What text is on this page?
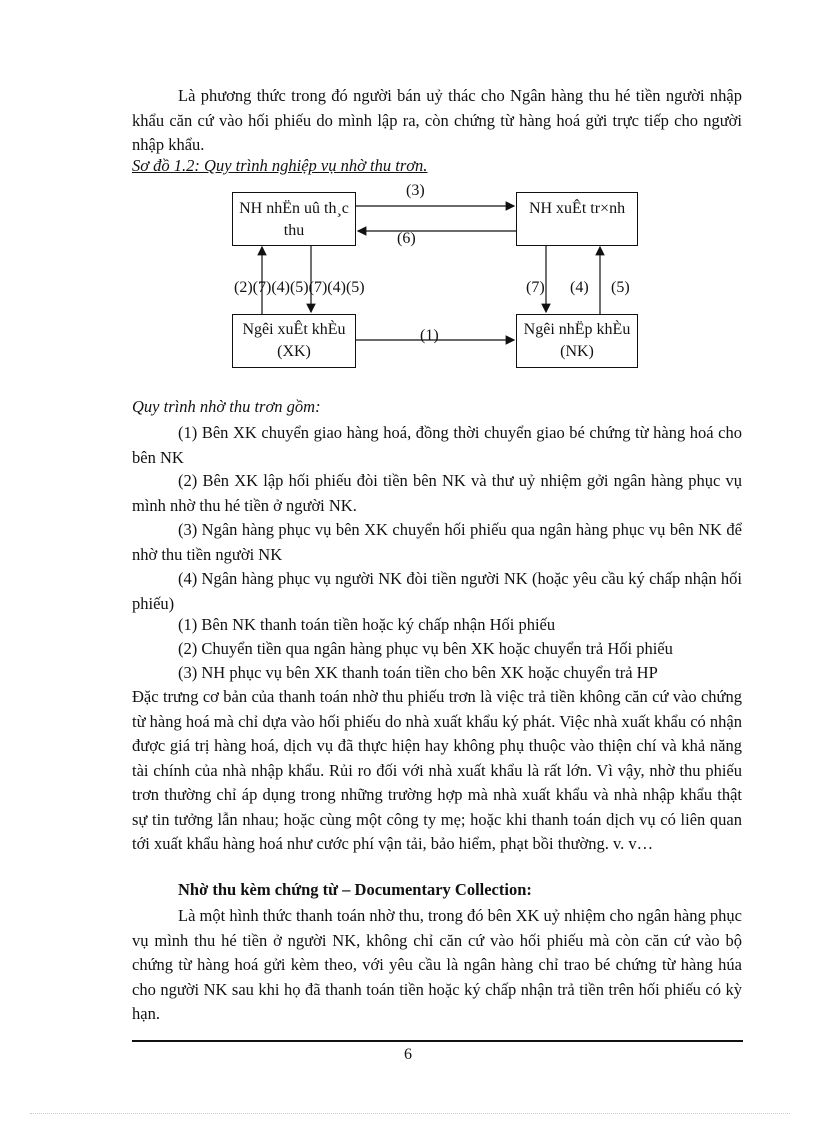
Là phương thức trong đó người bán uỷ thác cho Ngân hàng thu hé tiền người nhập khẩu căn cứ vào hối phiếu do mình lập ra, còn chứng từ hàng hoá gửi trực tiếp cho người nhập khẩu.

Sơ đồ 1.2: Quy trình nghiệp vụ nhờ thu trơn.

NH nhËn uû th¸c thu
NH xuÊt tr×nh
Ngêi xuÊt khÈu (XK)
Ngêi nhËp khÈu (NK)
(3)
(6)
(1)
(2)(7)(4)(5)(7)(4)(5)	(7) (4) (5)

Quy trình nhờ thu trơn gồm:

(1) Bên XK chuyển giao hàng hoá, đồng thời chuyển giao bé chứng từ hàng hoá cho bên NK

(2) Bên XK lập hối phiếu đòi tiền bên NK và thư uỷ nhiệm gởi ngân hàng phục vụ mình nhờ thu hé tiền ở người NK.

(3) Ngân hàng phục vụ bên XK chuyển hối phiếu qua ngân hàng phục vụ bên NK để nhờ thu tiền người NK

(4) Ngân hàng phục vụ người NK đòi tiền người NK (hoặc yêu cầu ký chấp nhận hối phiếu)

(1) Bên NK thanh toán tiền hoặc ký chấp nhận Hối phiếu

(2) Chuyển tiền qua ngân hàng phục vụ bên XK hoặc chuyển trả Hối phiếu

(3) NH phục vụ bên XK thanh toán tiền cho bên XK hoặc chuyển trả HP

Đặc trưng cơ bản của thanh toán nhờ thu phiếu trơn là việc trả tiền không căn cứ vào chứng từ hàng hoá mà chỉ dựa vào hối phiếu do nhà xuất khẩu ký phát. Việc nhà xuất khẩu có nhận được giá trị hàng hoá, dịch vụ đã thực hiện hay không phụ thuộc vào thiện chí và khả năng tài chính của nhà nhập khẩu. Rủi ro đối với nhà xuất khẩu là rất lớn. Vì vậy, nhờ thu phiếu trơn thường chỉ áp dụng trong những trường hợp mà nhà xuất khẩu và nhà nhập khẩu thật sự tin tưởng lẫn nhau; hoặc cùng một công ty mẹ; hoặc khi thanh toán dịch vụ có liên quan tới xuất khẩu hàng hoá như cước phí vận tải, bảo hiểm, phạt bồi thường. v. v…

Nhờ thu kèm chứng từ – Documentary Collection:

Là một hình thức thanh toán nhờ thu, trong đó bên XK uỷ nhiệm cho ngân hàng phục vụ mình thu hé tiền ở người NK, không chỉ căn cứ vào hối phiếu mà còn căn cứ vào bộ chứng từ hàng hoá gửi kèm theo, với yêu cầu là ngân hàng chỉ trao bé chứng từ hàng húa cho người NK sau khi họ đã thanh toán tiền hoặc ký chấp nhận trả tiền trên hối phiếu có kỳ hạn.

6
